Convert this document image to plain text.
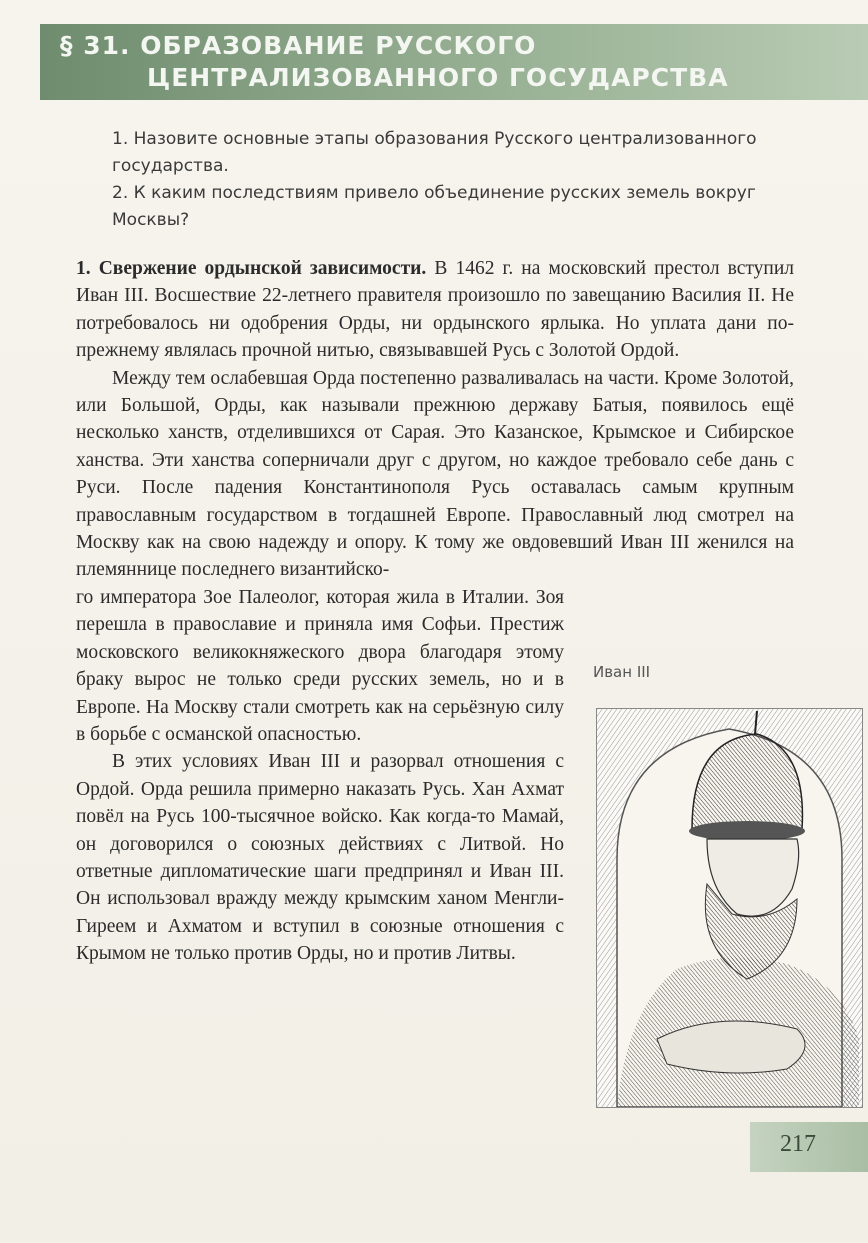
§ 31. ОБРАЗОВАНИЕ РУССКОГО
ЦЕНТРАЛИЗОВАННОГО ГОСУДАРСТВА

1. Назовите основные этапы образования Русского централизованного государства.

2. К каким последствиям привело объединение русских земель вокруг Москвы?

1. Свержение ордынской зависимости. В 1462 г. на московский престол вступил Иван III. Восшествие 22-летнего правителя произошло по завещанию Василия II. Не потребовалось ни одобрения Орды, ни ордынского ярлыка. Но уплата дани по-прежнему являлась прочной нитью, связывавшей Русь с Золотой Ордой.

Между тем ослабевшая Орда постепенно разваливалась на части. Кроме Золотой, или Большой, Орды, как называли прежнюю державу Батыя, появилось ещё несколько ханств, отделившихся от Сарая. Это Казанское, Крымское и Сибирское ханства. Эти ханства соперничали друг с другом, но каждое требовало себе дань с Руси. После падения Константинополя Русь оставалась самым крупным православным государством в тогдашней Европе. Православный люд смотрел на Москву как на свою надежду и опору. К тому же овдовевший Иван III женился на племяннице последнего византийско-

го императора Зое Палеолог, которая жила в Италии. Зоя перешла в православие и приняла имя Софьи. Престиж московского великокняжеского двора благодаря этому браку вырос не только среди русских земель, но и в Европе. На Москву стали смотреть как на серьёзную силу в борьбе с османской опасностью.

В этих условиях Иван III и разорвал отношения с Ордой. Орда решила примерно наказать Русь. Хан Ахмат повёл на Русь 100-тысячное войско. Как когда-то Мамай, он договорился о союзных действиях с Литвой. Но ответные дипломатические шаги предпринял и Иван III. Он использовал вражду между крымским ханом Менгли-Гиреем и Ахматом и вступил в союзные отношения с Крымом не только против Орды, но и против Литвы.

Иван III
217
